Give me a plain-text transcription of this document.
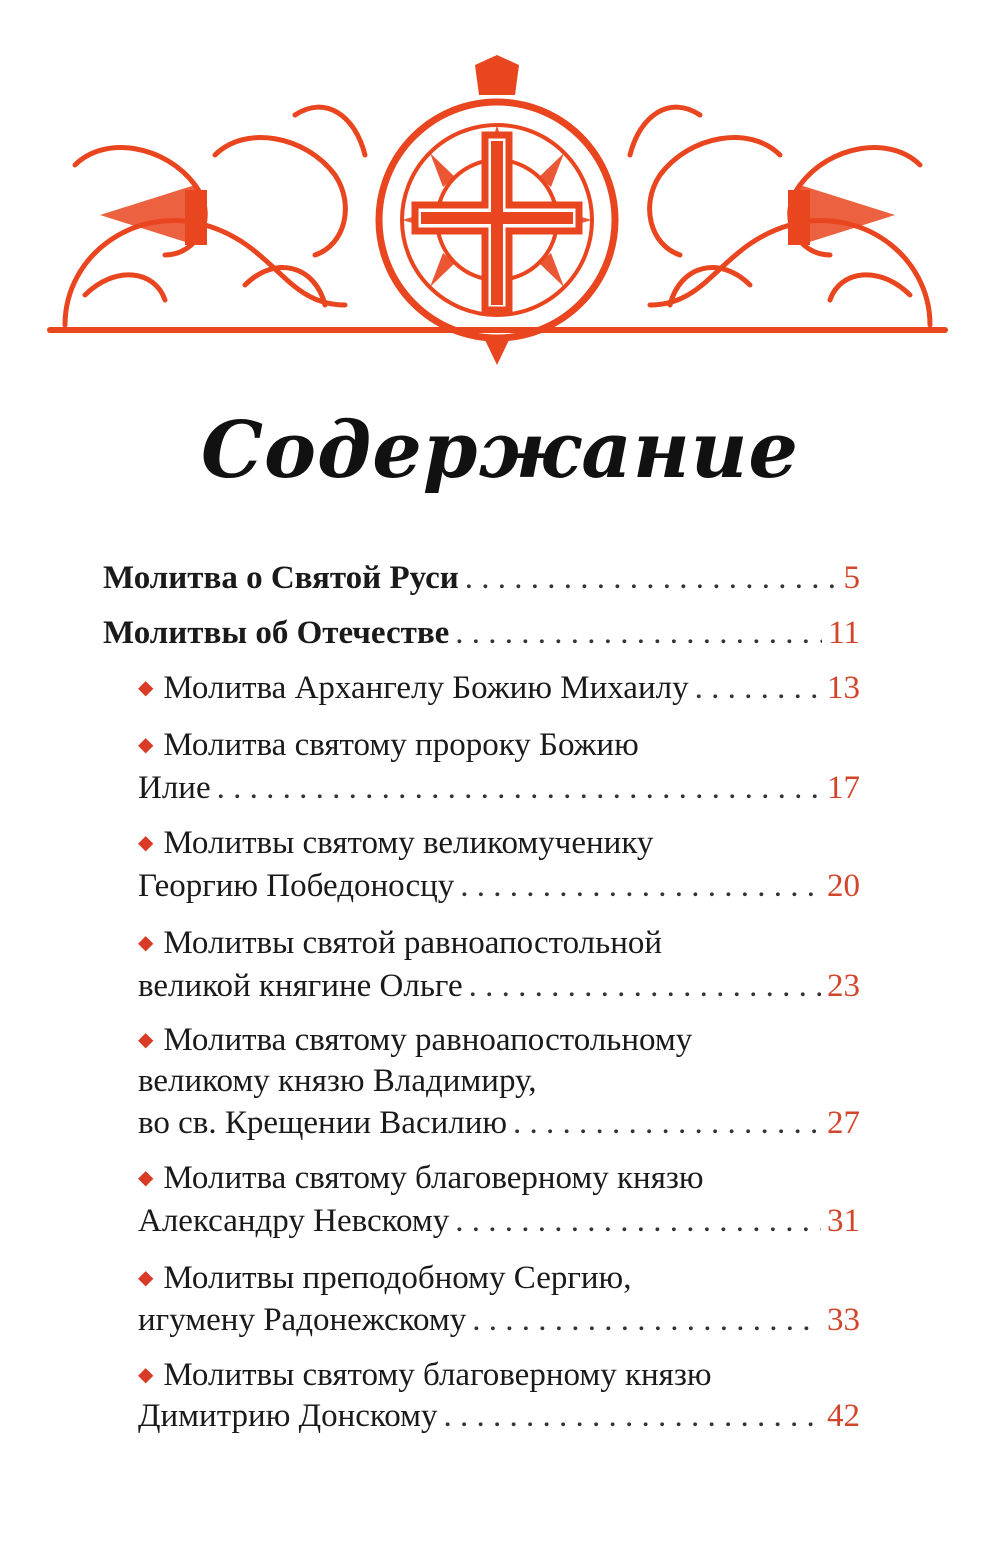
Содержание
Молитва о Святой Руси . . .	5
Молитвы об Отечестве . . .	11
◆ Молитва Архангелу Божию Михаилу . . .	13
◆ Молитва святому пророку Божию
Илие . . .	17
◆ Молитвы святому великомученику
Георгию Победоносцу . . .	20
◆ Молитвы святой равноапостольной
великой княгине Ольге . . .	23
◆ Молитва святому равноапостольному
великому князю Владимиру,
во св. Крещении Василию . . .	27
◆ Молитва святому благоверному князю
Александру Невскому . . .	31
◆ Молитвы преподобному Сергию,
игумену Радонежскому . . .	33
◆ Молитвы святому благоверному князю
Димитрию Донскому . . .	42
